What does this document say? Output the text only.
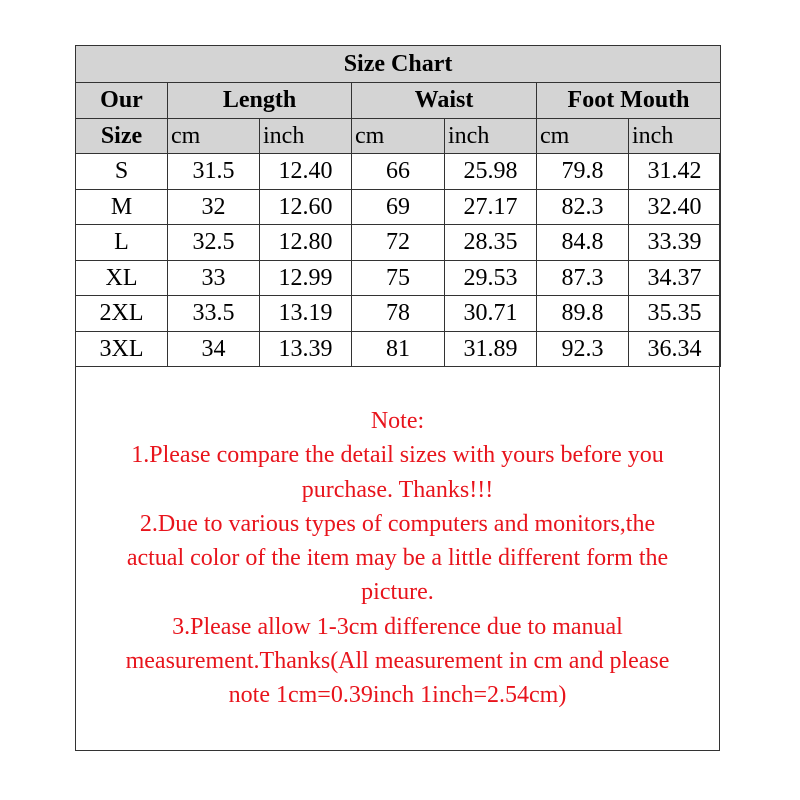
Size Chart						
Our	Length		Waist		Foot Mouth	
Size	cm	inch	cm	inch	cm	inch
S	31.5	12.40	66	25.98	79.8	31.42
M	32	12.60	69	27.17	82.3	32.40
L	32.5	12.80	72	28.35	84.8	33.39
XL	33	12.99	75	29.53	87.3	34.37
2XL	33.5	13.19	78	30.71	89.8	35.35
3XL	34	13.39	81	31.89	92.3	36.34
Note:
1.Please compare the detail sizes with yours before you
purchase. Thanks!!!
2.Due to various types of computers and monitors,the
actual color of the item may be a little different form the
picture.
3.Please allow 1-3cm difference due to manual
measurement.Thanks(All measurement in cm and please
note 1cm=0.39inch 1inch=2.54cm)
